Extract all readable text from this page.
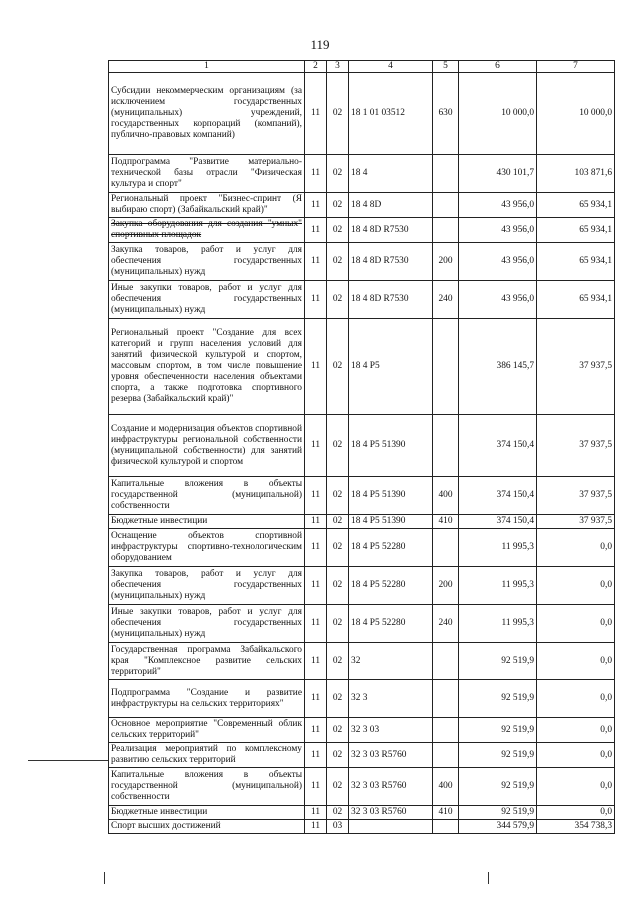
119
1	2	3	4	5	6	7
Субсидии некоммерческим организациям (за исключением государственных (муниципальных) учреждений, государственных корпораций (компаний), публично-правовых компаний)	11	02	18 1 01 03512	630	10 000,0	10 000,0
Подпрограмма "Развитие материально-технической базы отрасли "Физическая культура и спорт"	11	02	18 4		430 101,7	103 871,6
Региональный проект "Бизнес-спринт (Я выбираю спорт) (Забайкальский край)"	11	02	18 4 8D		43 956,0	65 934,1
Закупка оборудования для создания "умных" спортивных площадок	11	02	18 4 8D R7530		43 956,0	65 934,1
Закупка товаров, работ и услуг для обеспечения государственных (муниципальных) нужд	11	02	18 4 8D R7530	200	43 956,0	65 934,1
Иные закупки товаров, работ и услуг для обеспечения государственных (муниципальных) нужд	11	02	18 4 8D R7530	240	43 956,0	65 934,1
Региональный проект "Создание для всех категорий и групп населения условий для занятий физической культурой и спортом, массовым спортом, в том числе повышение уровня обеспеченности населения объектами спорта, а также подготовка спортивного резерва (Забайкальский край)"	11	02	18 4 P5		386 145,7	37 937,5
Создание и модернизация объектов спортивной инфраструктуры региональной собственности (муниципальной собственности) для занятий физической культурой и спортом	11	02	18 4 P5 51390		374 150,4	37 937,5
Капитальные вложения в объекты государственной (муниципальной) собственности	11	02	18 4 P5 51390	400	374 150,4	37 937,5
Бюджетные инвестиции	11	02	18 4 P5 51390	410	374 150,4	37 937,5
Оснащение объектов спортивной инфраструктуры спортивно-технологическим оборудованием	11	02	18 4 P5 52280		11 995,3	0,0
Закупка товаров, работ и услуг для обеспечения государственных (муниципальных) нужд	11	02	18 4 P5 52280	200	11 995,3	0,0
Иные закупки товаров, работ и услуг для обеспечения государственных (муниципальных) нужд	11	02	18 4 P5 52280	240	11 995,3	0,0
Государственная программа Забайкальского края "Комплексное развитие сельских территорий"	11	02	32		92 519,9	0,0
Подпрограмма "Создание и развитие инфраструктуры на сельских территориях"	11	02	32 3		92 519,9	0,0
Основное мероприятие "Современный облик сельских территорий"	11	02	32 3 03		92 519,9	0,0
Реализация мероприятий по комплексному развитию сельских территорий	11	02	32 3 03 R5760		92 519,9	0,0
Капитальные вложения в объекты государственной (муниципальной) собственности	11	02	32 3 03 R5760	400	92 519,9	0,0
Бюджетные инвестиции	11	02	32 3 03 R5760	410	92 519,9	0,0
Спорт высших достижений	11	03			344 579,9	354 738,3
